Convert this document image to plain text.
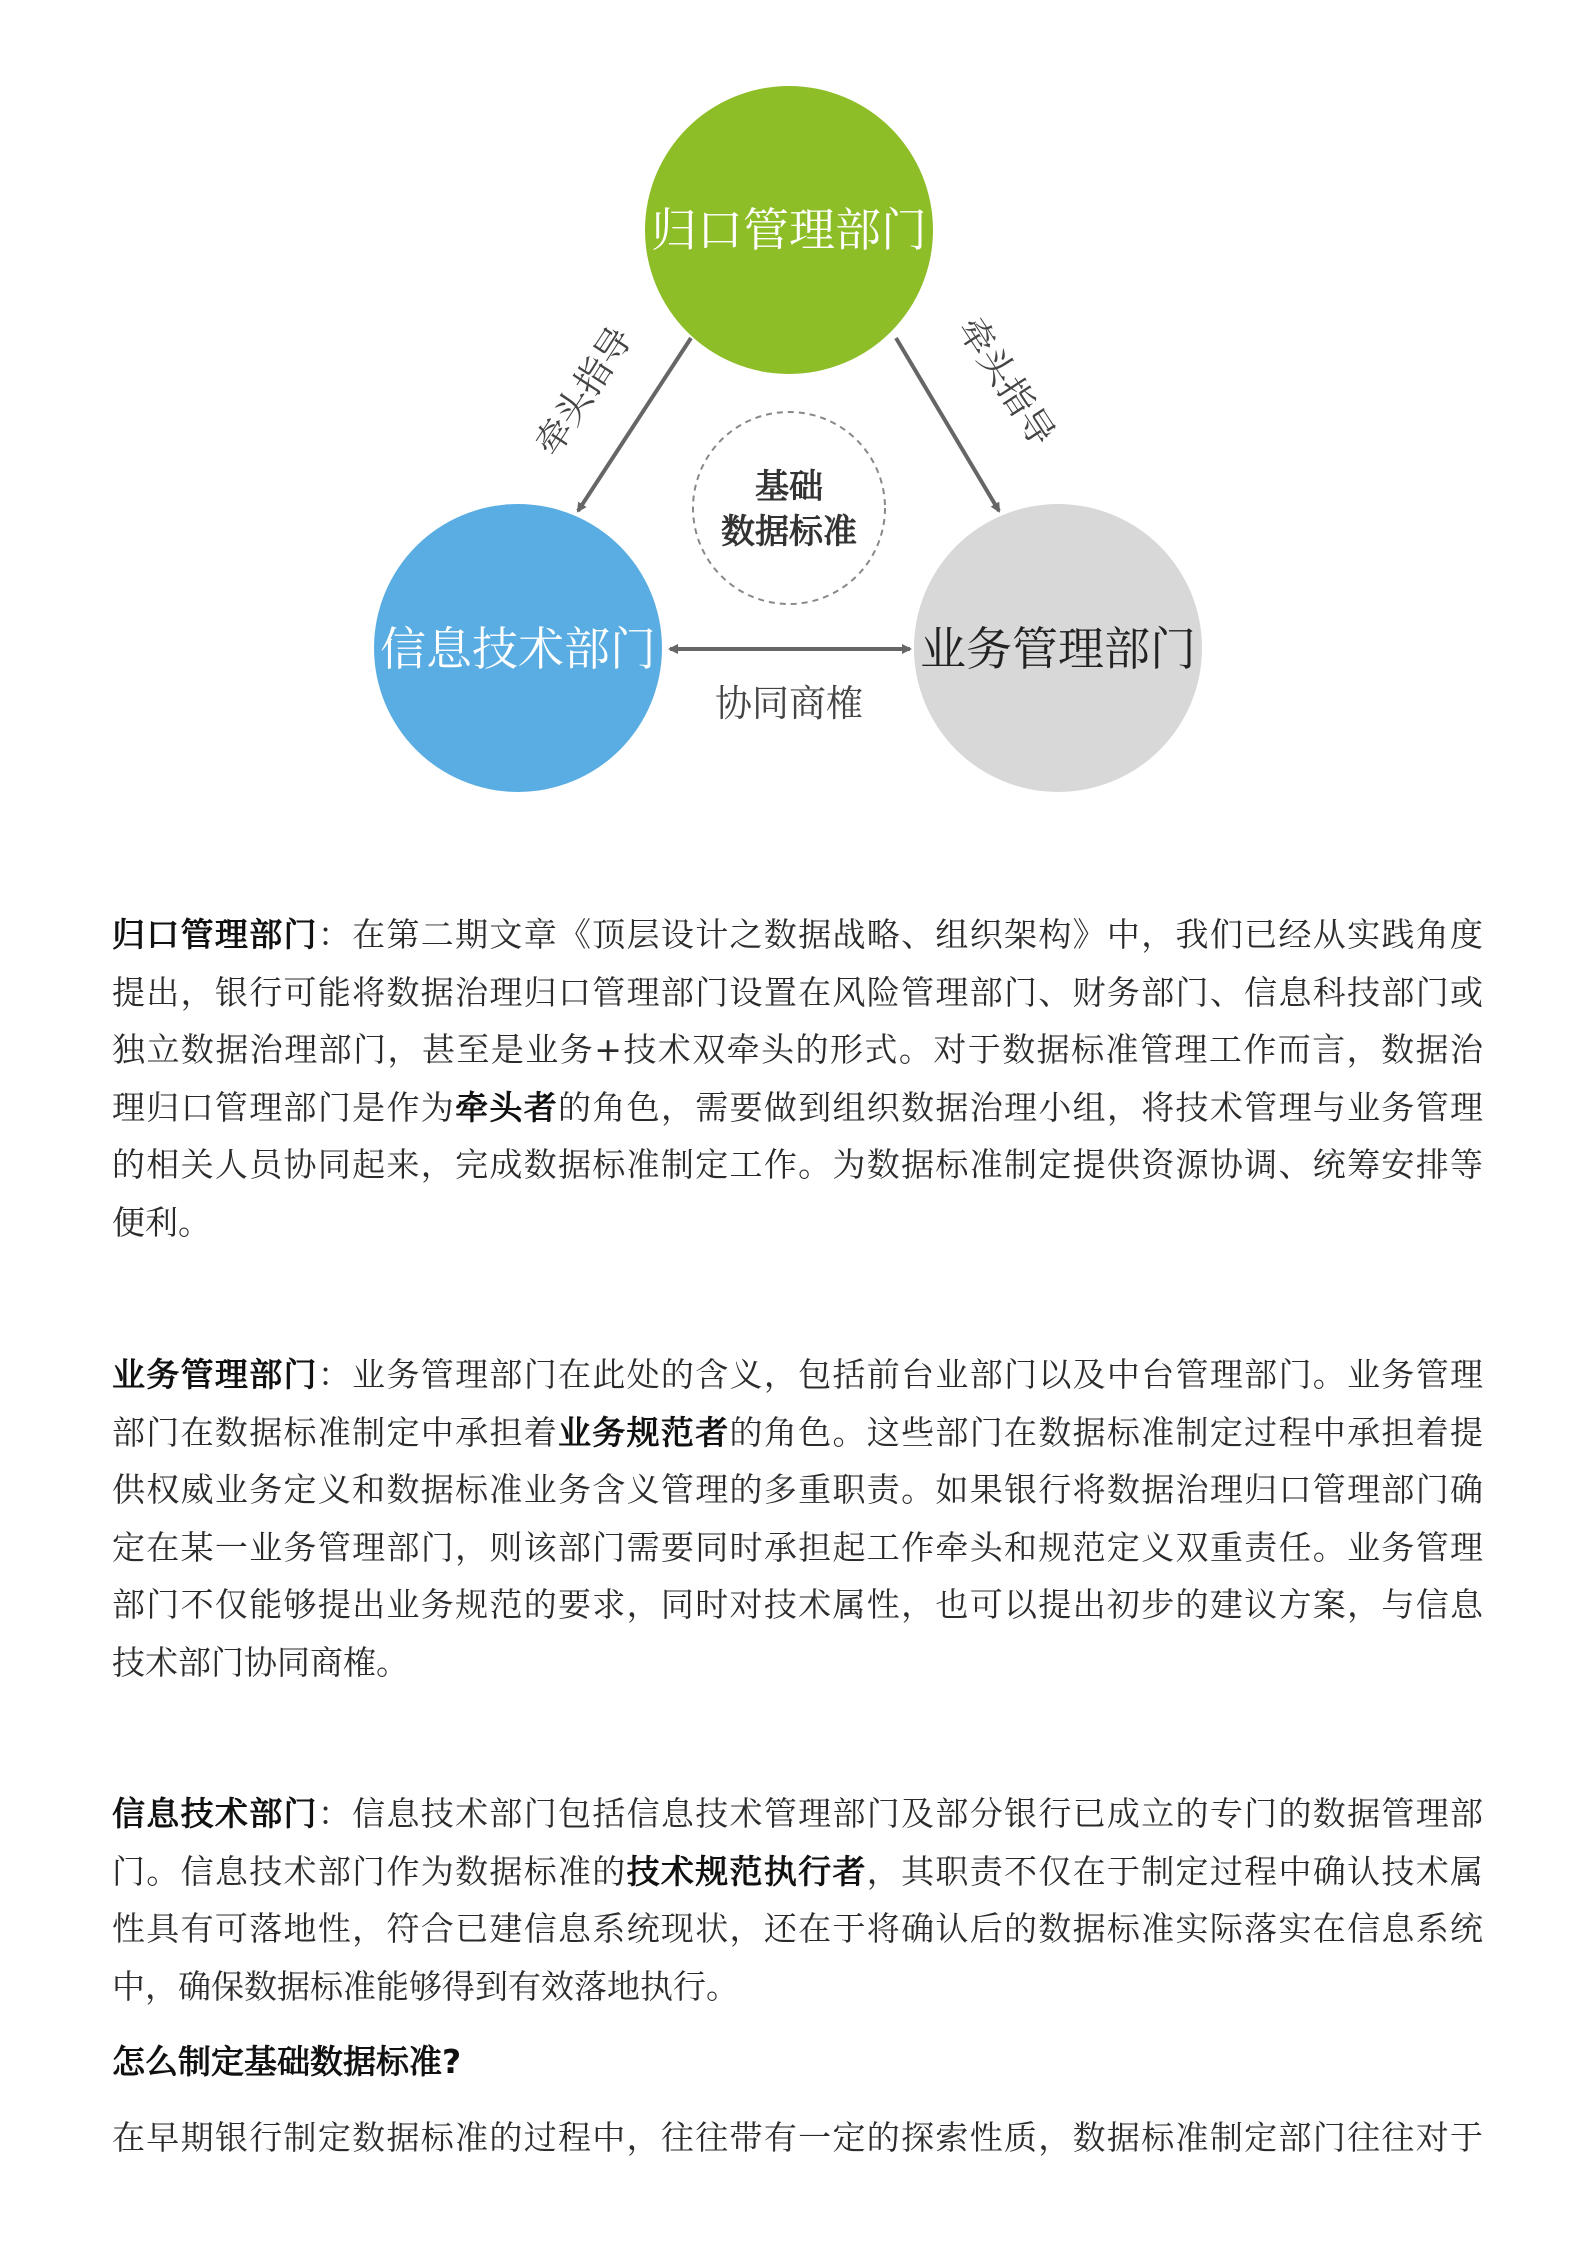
归口管理部门
信息技术部门	业务管理部门
基础
数据标准
牵头指导	牵头指导
协同商榷
归口管理部门：在第二期文章《顶层设计之数据战略、组织架构》中，我们已经从实践角度
提出，银行可能将数据治理归口管理部门设置在风险管理部门、财务部门、信息科技部门或
独立数据治理部门，甚至是业务+技术双牵头的形式。对于数据标准管理工作而言，数据治
理归口管理部门是作为牵头者的角色，需要做到组织数据治理小组，将技术管理与业务管理
的相关人员协同起来，完成数据标准制定工作。为数据标准制定提供资源协调、统筹安排等
便利。
业务管理部门：业务管理部门在此处的含义，包括前台业部门以及中台管理部门。业务管理
部门在数据标准制定中承担着业务规范者的角色。这些部门在数据标准制定过程中承担着提
供权威业务定义和数据标准业务含义管理的多重职责。如果银行将数据治理归口管理部门确
定在某一业务管理部门，则该部门需要同时承担起工作牵头和规范定义双重责任。业务管理
部门不仅能够提出业务规范的要求，同时对技术属性，也可以提出初步的建议方案，与信息
技术部门协同商榷。
信息技术部门：信息技术部门包括信息技术管理部门及部分银行已成立的专门的数据管理部
门。信息技术部门作为数据标准的技术规范执行者，其职责不仅在于制定过程中确认技术属
性具有可落地性，符合已建信息系统现状，还在于将确认后的数据标准实际落实在信息系统
中，确保数据标准能够得到有效落地执行。
怎么制定基础数据标准?
在早期银行制定数据标准的过程中，往往带有一定的探索性质，数据标准制定部门往往对于
